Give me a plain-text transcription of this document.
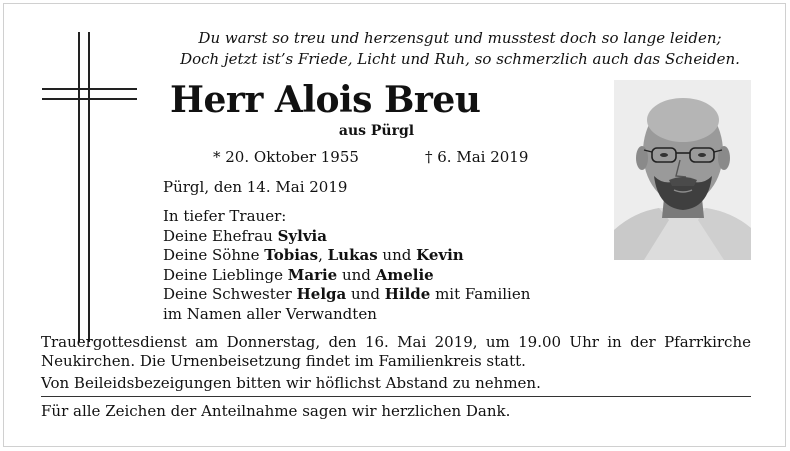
Du warst so treu und herzensgut und musstest doch so lange leiden;
Doch jetzt ist’s Friede, Licht und Ruh, so schmerzlich auch das Scheiden.
Herr Alois Breu
aus Pürgl
* 20. Oktober 1955	† 6. Mai 2019
Pürgl, den 14. Mai 2019
In tiefer Trauer:
Deine Ehefrau Sylvia
Deine Söhne Tobias, Lukas und Kevin
Deine Lieblinge Marie und Amelie
Deine Schwester Helga und Hilde mit Familien
im Namen aller Verwandten

Trauergottesdienst am Donnerstag, den 16. Mai 2019, um 19.00 Uhr in der Pfarrkirche

Neukirchen. Die Urnenbeisetzung findet im Familienkreis statt.

Von Beileidsbezeigungen bitten wir höflichst Abstand zu nehmen.
Für alle Zeichen der Anteilnahme sagen wir herzlichen Dank.
